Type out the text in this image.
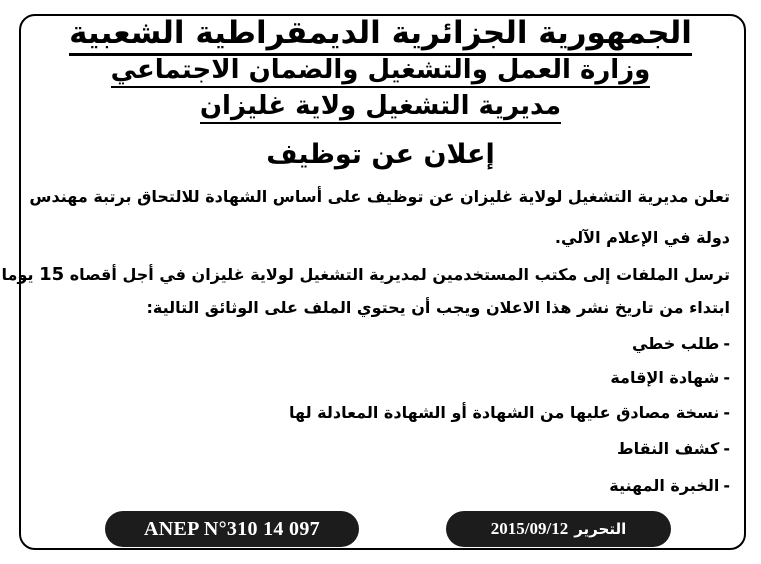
الجمهورية الجزائرية الديمقراطية الشعبية
وزارة العمل والتشغيل والضمان الاجتماعي
مديرية التشغيل ولاية غليزان
إعلان عن توظيف
تعلن مديرية التشغيل لولاية غليزان عن توظيف على أساس الشهادة للالتحاق برتبة مهندس
دولة في الإعلام الآلي.
ترسل الملفات إلى مكتب المستخدمين لمديرية التشغيل لولاية غليزان في أجل أقصاه 15 يوما
ابتداء من تاريخ نشر هذا الاعلان ويجب أن يحتوي الملف على الوثائق التالية:
-طلب خطي
-شهادة الإقامة
-نسخة مصادق عليها من الشهادة أو الشهادة المعادلة لها
-كشف النقاط
-الخبرة المهنية
ANEP N°310 14 097	التحرير
2015/09/12
